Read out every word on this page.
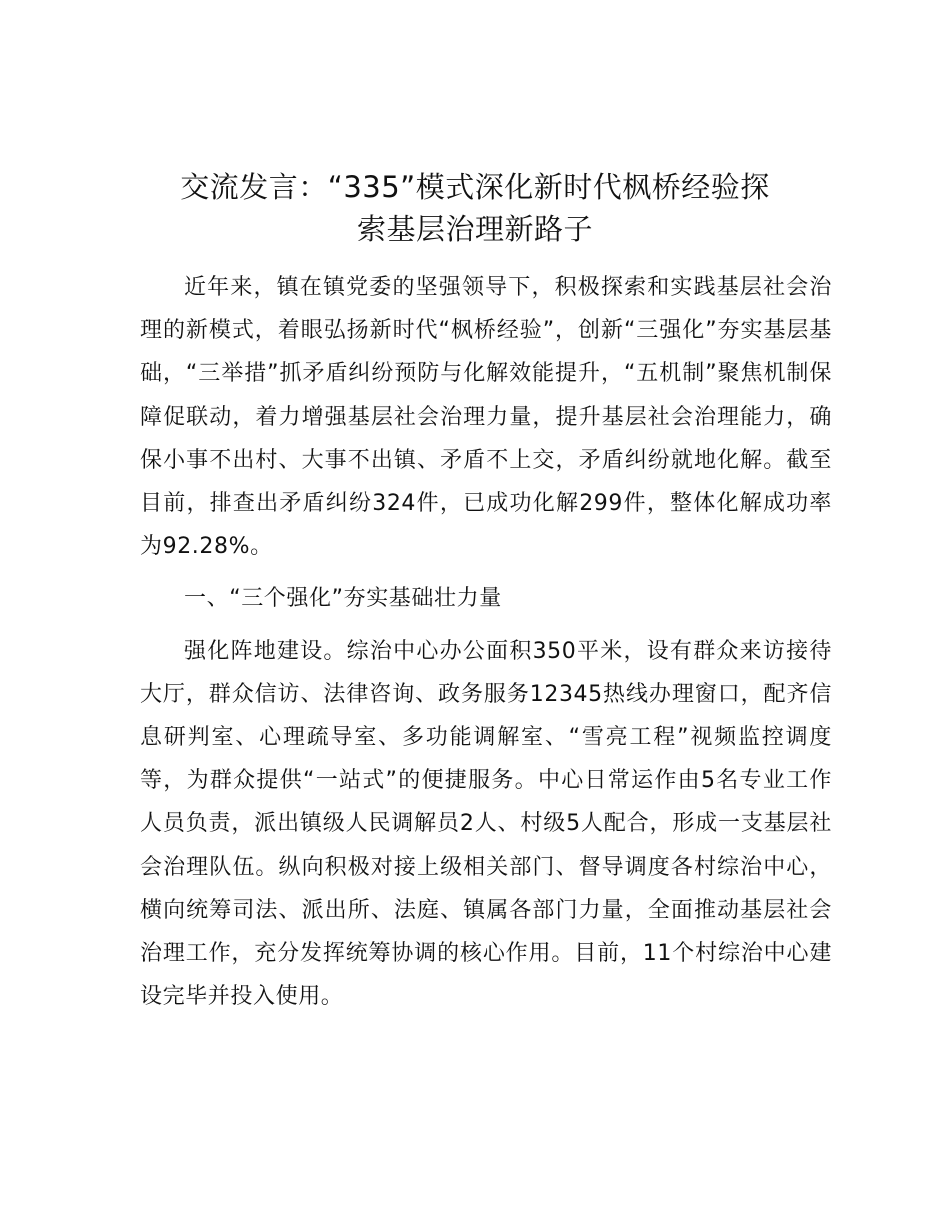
交流发言：“335”模式深化新时代枫桥经验探
索基层治理新路子

近年来，镇在镇党委的坚强领导下，积极探索和实践基层社会治理的新模式，着眼弘扬新时代“枫桥经验”，创新“三强化”夯实基层基础，“三举措”抓矛盾纠纷预防与化解效能提升，“五机制”聚焦机制保障促联动，着力增强基层社会治理力量，提升基层社会治理能力，确保小事不出村、大事不出镇、矛盾不上交，矛盾纠纷就地化解。截至目前，排查出矛盾纠纷324件，已成功化解299件，整体化解成功率为92.28%。

一、“三个强化”夯实基础壮力量

强化阵地建设。综治中心办公面积350平米，设有群众来访接待大厅，群众信访、法律咨询、政务服务12345热线办理窗口，配齐信息研判室、心理疏导室、多功能调解室、“雪亮工程”视频监控调度等，为群众提供“一站式”的便捷服务。中心日常运作由5名专业工作人员负责，派出镇级人民调解员2人、村级5人配合，形成一支基层社会治理队伍。纵向积极对接上级相关部门、督导调度各村综治中心，横向统筹司法、派出所、法庭、镇属各部门力量，全面推动基层社会治理工作，充分发挥统筹协调的核心作用。目前，11个村综治中心建设完毕并投入使用。
